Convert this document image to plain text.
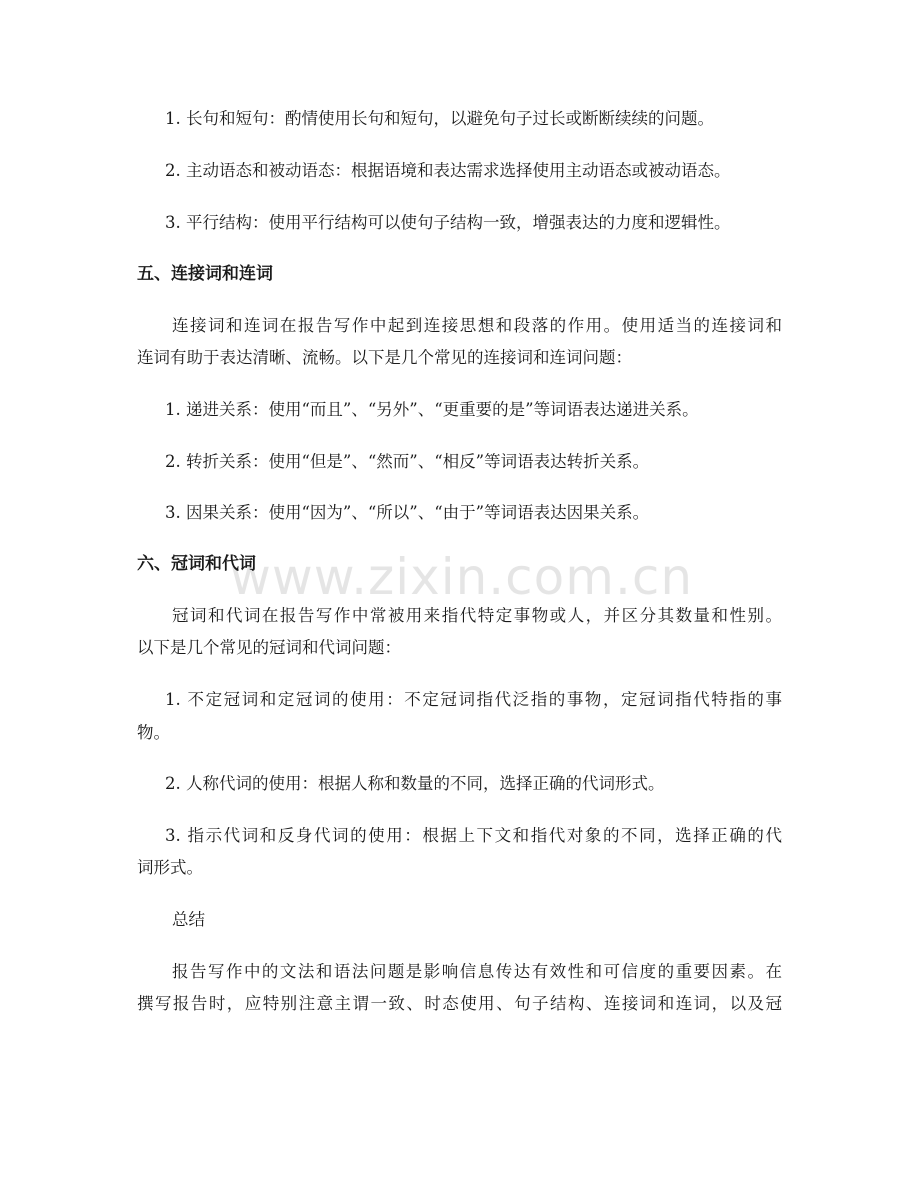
1. 长句和短句：酌情使用长句和短句，以避免句子过长或断断续续的问题。

2. 主动语态和被动语态：根据语境和表达需求选择使用主动语态或被动语态。

3. 平行结构：使用平行结构可以使句子结构一致，增强表达的力度和逻辑性。

五、连接词和连词

连接词和连词在报告写作中起到连接思想和段落的作用。使用适当的连接词和

连词有助于表达清晰、流畅。以下是几个常见的连接词和连词问题：

1. 递进关系：使用“而且”、“另外”、“更重要的是”等词语表达递进关系。

2. 转折关系：使用“但是”、“然而”、“相反”等词语表达转折关系。

3. 因果关系：使用“因为”、“所以”、“由于”等词语表达因果关系。

六、冠词和代词

冠词和代词在报告写作中常被用来指代特定事物或人，并区分其数量和性别。

以下是几个常见的冠词和代词问题：

1. 不定冠词和定冠词的使用：不定冠词指代泛指的事物，定冠词指代特指的事

物。

2. 人称代词的使用：根据人称和数量的不同，选择正确的代词形式。

3. 指示代词和反身代词的使用：根据上下文和指代对象的不同，选择正确的代

词形式。

总结

报告写作中的文法和语法问题是影响信息传达有效性和可信度的重要因素。在

撰写报告时，应特别注意主谓一致、时态使用、句子结构、连接词和连词，以及冠

www.zixin.com.cn
